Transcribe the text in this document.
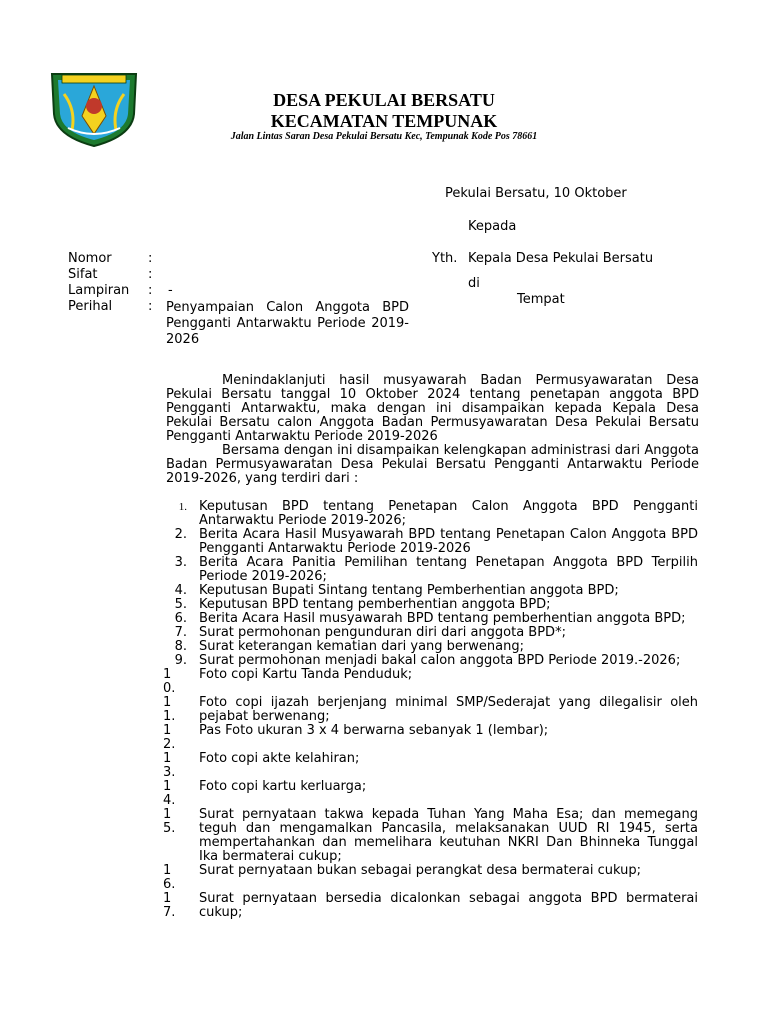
DESA PEKULAI BERSATU
KECAMATAN TEMPUNAK
Jalan Lintas Saran Desa Pekulai Bersatu Kec, Tempunak Kode Pos 78661
Pekulai Bersatu, 10 Oktober
Kepada
Yth. Kepala Desa Pekulai Bersatu
di
Tempat
Nomor	:
Sifat	:
Lampiran : -
Perihal	: Penyampaian Calon Anggota BPD Pengganti Antarwaktu Periode 2019-2026
Menindaklanjuti hasil musyawarah Badan Permusyawaratan Desa Pekulai Bersatu tanggal 10 Oktober 2024 tentang penetapan anggota BPD Pengganti Antarwaktu, maka dengan ini disampaikan kepada Kepala Desa Pekulai Bersatu calon Anggota Badan Permusyawaratan Desa Pekulai Bersatu Pengganti Antarwaktu Periode 2019-2026
Bersama dengan ini disampaikan kelengkapan administrasi dari Anggota Badan Permusyawaratan Desa Pekulai Bersatu Pengganti Antarwaktu Periode 2019-2026, yang terdiri dari :
1. Keputusan BPD tentang Penetapan Calon Anggota BPD Pengganti Antarwaktu Periode 2019-2026;
2. Berita Acara Hasil Musyawarah BPD tentang Penetapan Calon Anggota BPD Pengganti Antarwaktu Periode 2019-2026
3. Berita Acara Panitia Pemilihan tentang Penetapan Anggota BPD Terpilih Periode 2019-2026;
4. Keputusan Bupati Sintang tentang Pemberhentian anggota BPD;
5. Keputusan BPD tentang pemberhentian anggota BPD;
6. Berita Acara Hasil musyawarah BPD tentang pemberhentian anggota BPD;
7. Surat permohonan pengunduran diri dari anggota BPD*;
8. Surat keterangan kematian dari yang berwenang;
9. Surat permohonan menjadi bakal calon anggota BPD Periode 2019.-2026;
10.
Foto copi Kartu Tanda Penduduk;
11.
Foto copi ijazah berjenjang minimal SMP/Sederajat yang dilegalisir oleh pejabat berwenang;
12.
Pas Foto ukuran 3 x 4 berwarna sebanyak 1 (lembar);
13.
Foto copi akte kelahiran;
14.
Foto copi kartu kerluarga;
15.
Surat pernyataan takwa kepada Tuhan Yang Maha Esa; dan memegang teguh dan mengamalkan Pancasila, melaksanakan UUD RI 1945, serta mempertahankan dan memelihara keutuhan NKRI Dan Bhinneka Tunggal Ika bermaterai cukup;
16.
Surat pernyataan bukan sebagai perangkat desa bermaterai cukup;
17.
Surat pernyataan bersedia dicalonkan sebagai anggota BPD bermaterai cukup;
